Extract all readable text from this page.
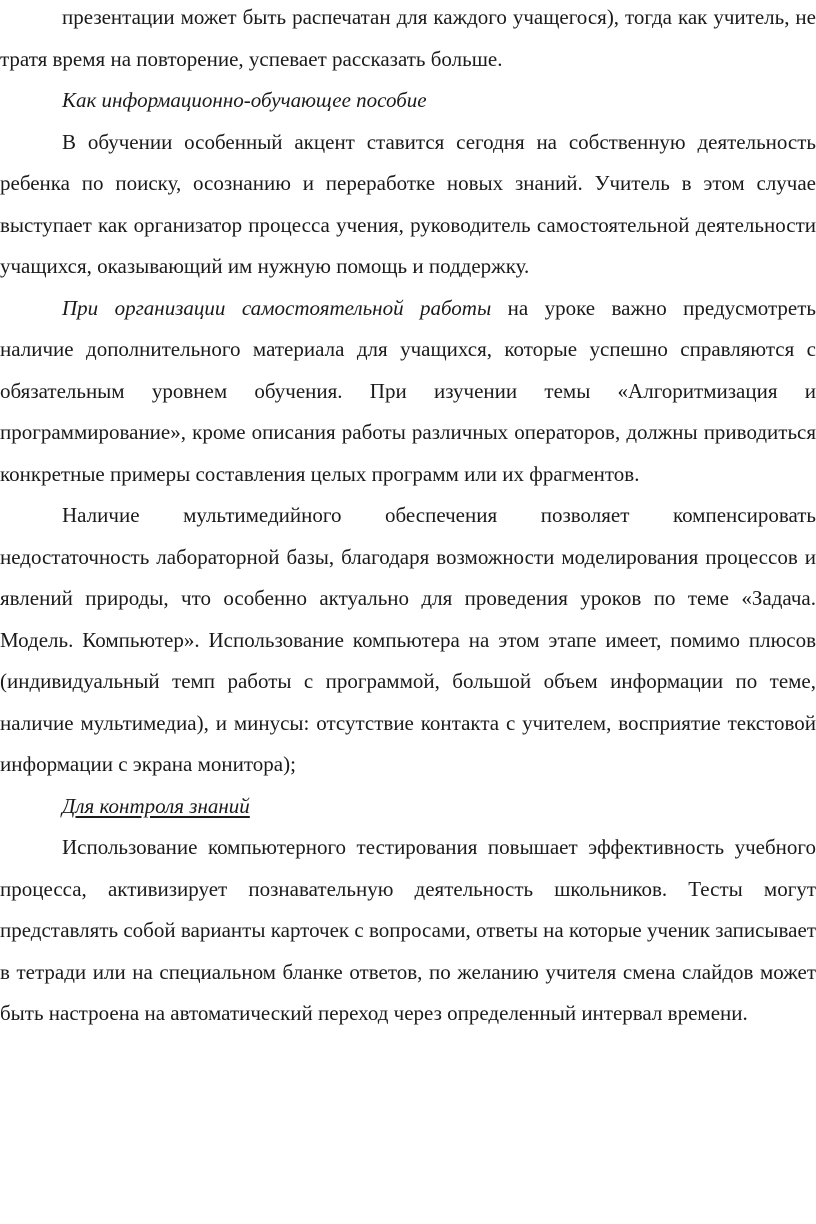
презентации может быть распечатан для каждого учащегося), тогда как учитель, не тратя время на повторение, успевает рассказать больше.

Как информационно-обучающее пособие

В обучении особенный акцент ставится сегодня на собственную деятельность ребенка по поиску, осознанию и переработке новых знаний. Учитель в этом случае выступает как организатор процесса учения, руководитель самостоятельной деятельности учащихся, оказывающий им нужную помощь и поддержку.

При организации самостоятельной работы на уроке важно предусмотреть наличие дополнительного материала для учащихся, которые успешно справляются с обязательным уровнем обучения. При изучении темы «Алгоритмизация и программирование», кроме описания работы различных операторов, должны приводиться конкретные примеры составления целых программ или их фрагментов.

Наличие мультимедийного обеспечения позволяет компенсировать недостаточность лабораторной базы, благодаря возможности моделирования процессов и явлений природы, что особенно актуально для проведения уроков по теме «Задача. Модель. Компьютер». Использование компьютера на этом этапе имеет, помимо плюсов (индивидуальный темп работы с программой, большой объем информации по теме, наличие мультимедиа), и минусы: отсутствие контакта с учителем, восприятие текстовой информации с экрана монитора);

Для контроля знаний

Использование компьютерного тестирования повышает эффективность учебного процесса, активизирует познавательную деятельность школьников. Тесты могут представлять собой варианты карточек с вопросами, ответы на которые ученик записывает в тетради или на специальном бланке ответов, по желанию учителя смена слайдов может быть настроена на автоматический переход через определенный интервал времени.
